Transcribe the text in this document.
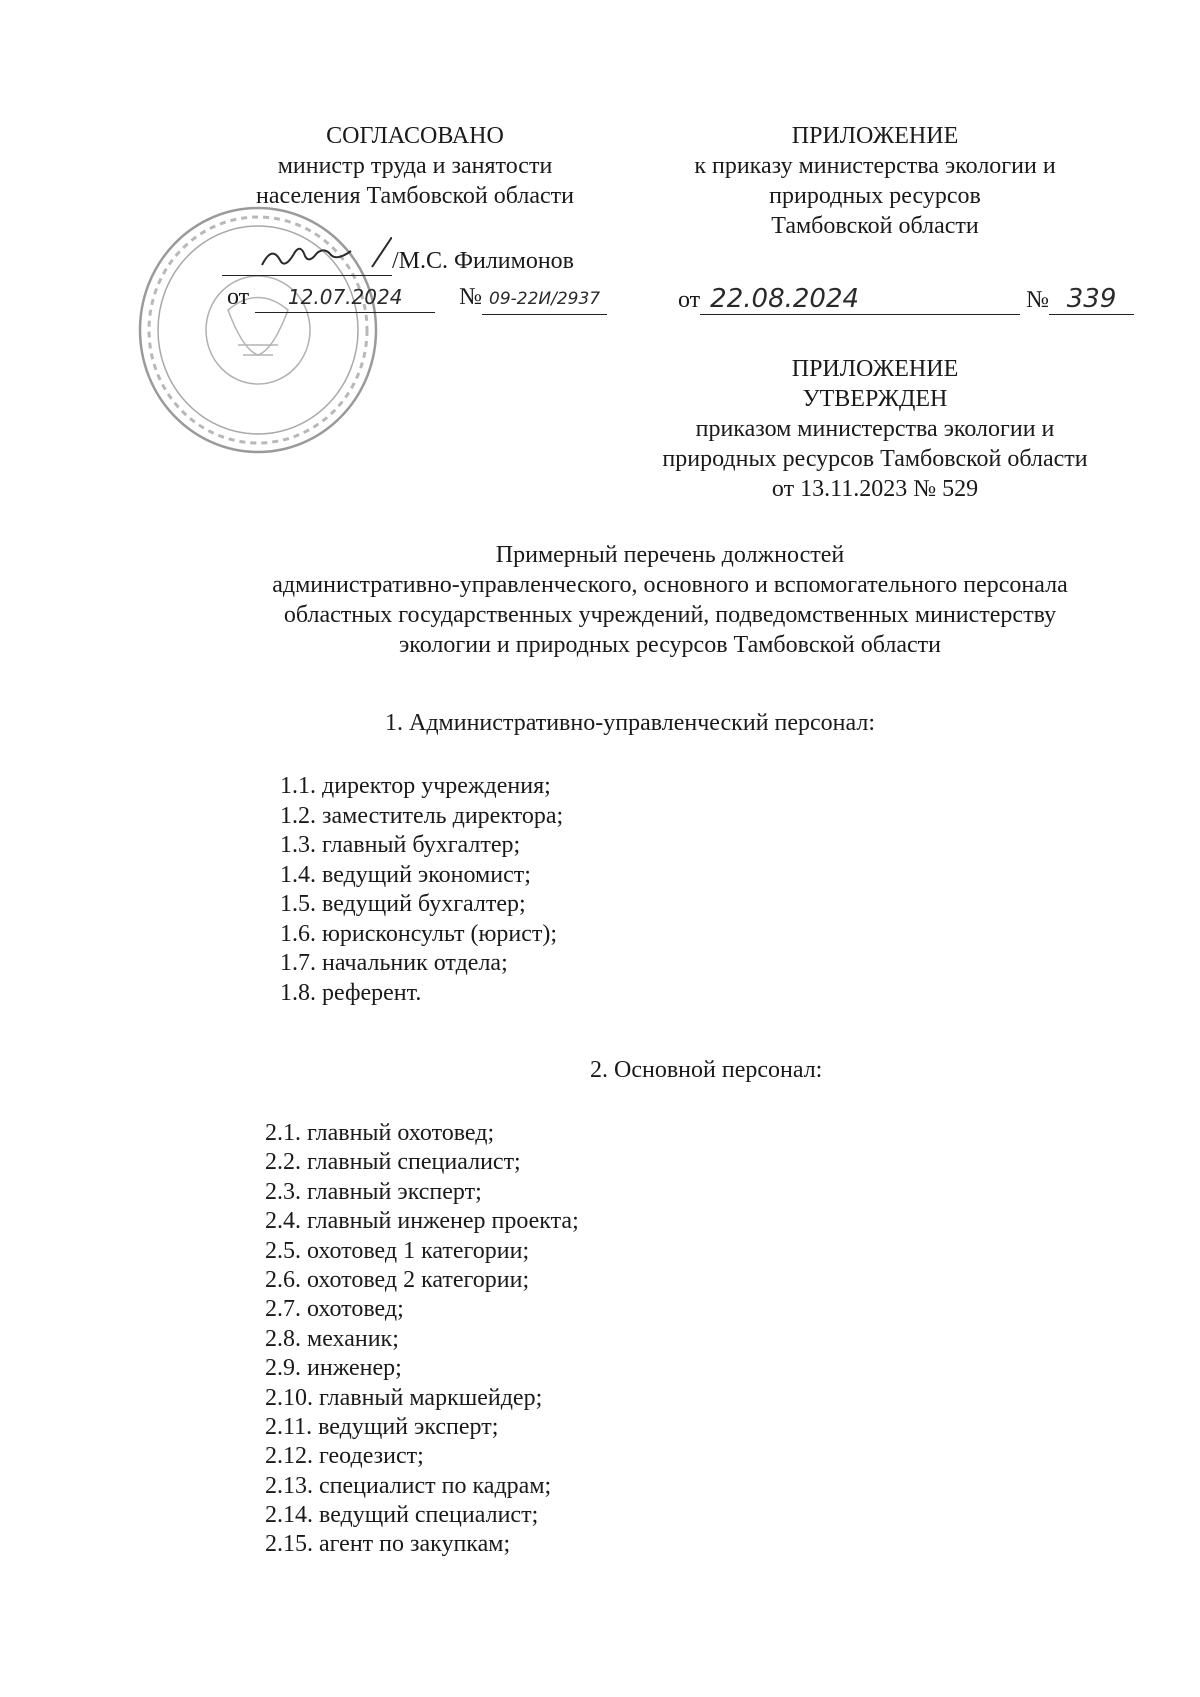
СОГЛАСОВАНО
министр труда и занятости
населения Тамбовской области
/М.С. Филимонов
от 12.07.2024 № 09-22И/2937
ПРИЛОЖЕНИЕ
к приказу министерства экологии и
природных ресурсов
Тамбовской области
от 22.08.2024	№ 339
ПРИЛОЖЕНИЕ
УТВЕРЖДЕН
приказом министерства экологии и
природных ресурсов Тамбовской области
от 13.11.2023 № 529
Примерный перечень должностей
административно-управленческого, основного и вспомогательного персонала
областных государственных учреждений, подведомственных министерству
экологии и природных ресурсов Тамбовской области
1. Административно-управленческий персонал:
1.1. директор учреждения;
1.2. заместитель директора;
1.3. главный бухгалтер;
1.4. ведущий экономист;
1.5. ведущий бухгалтер;
1.6. юрисконсульт (юрист);
1.7. начальник отдела;
1.8. референт.
2. Основной персонал:
2.1. главный охотовед;
2.2. главный специалист;
2.3. главный эксперт;
2.4. главный инженер проекта;
2.5. охотовед 1 категории;
2.6. охотовед 2 категории;
2.7. охотовед;
2.8. механик;
2.9. инженер;
2.10. главный маркшейдер;
2.11. ведущий эксперт;
2.12. геодезист;
2.13. специалист по кадрам;
2.14. ведущий специалист;
2.15. агент по закупкам;
